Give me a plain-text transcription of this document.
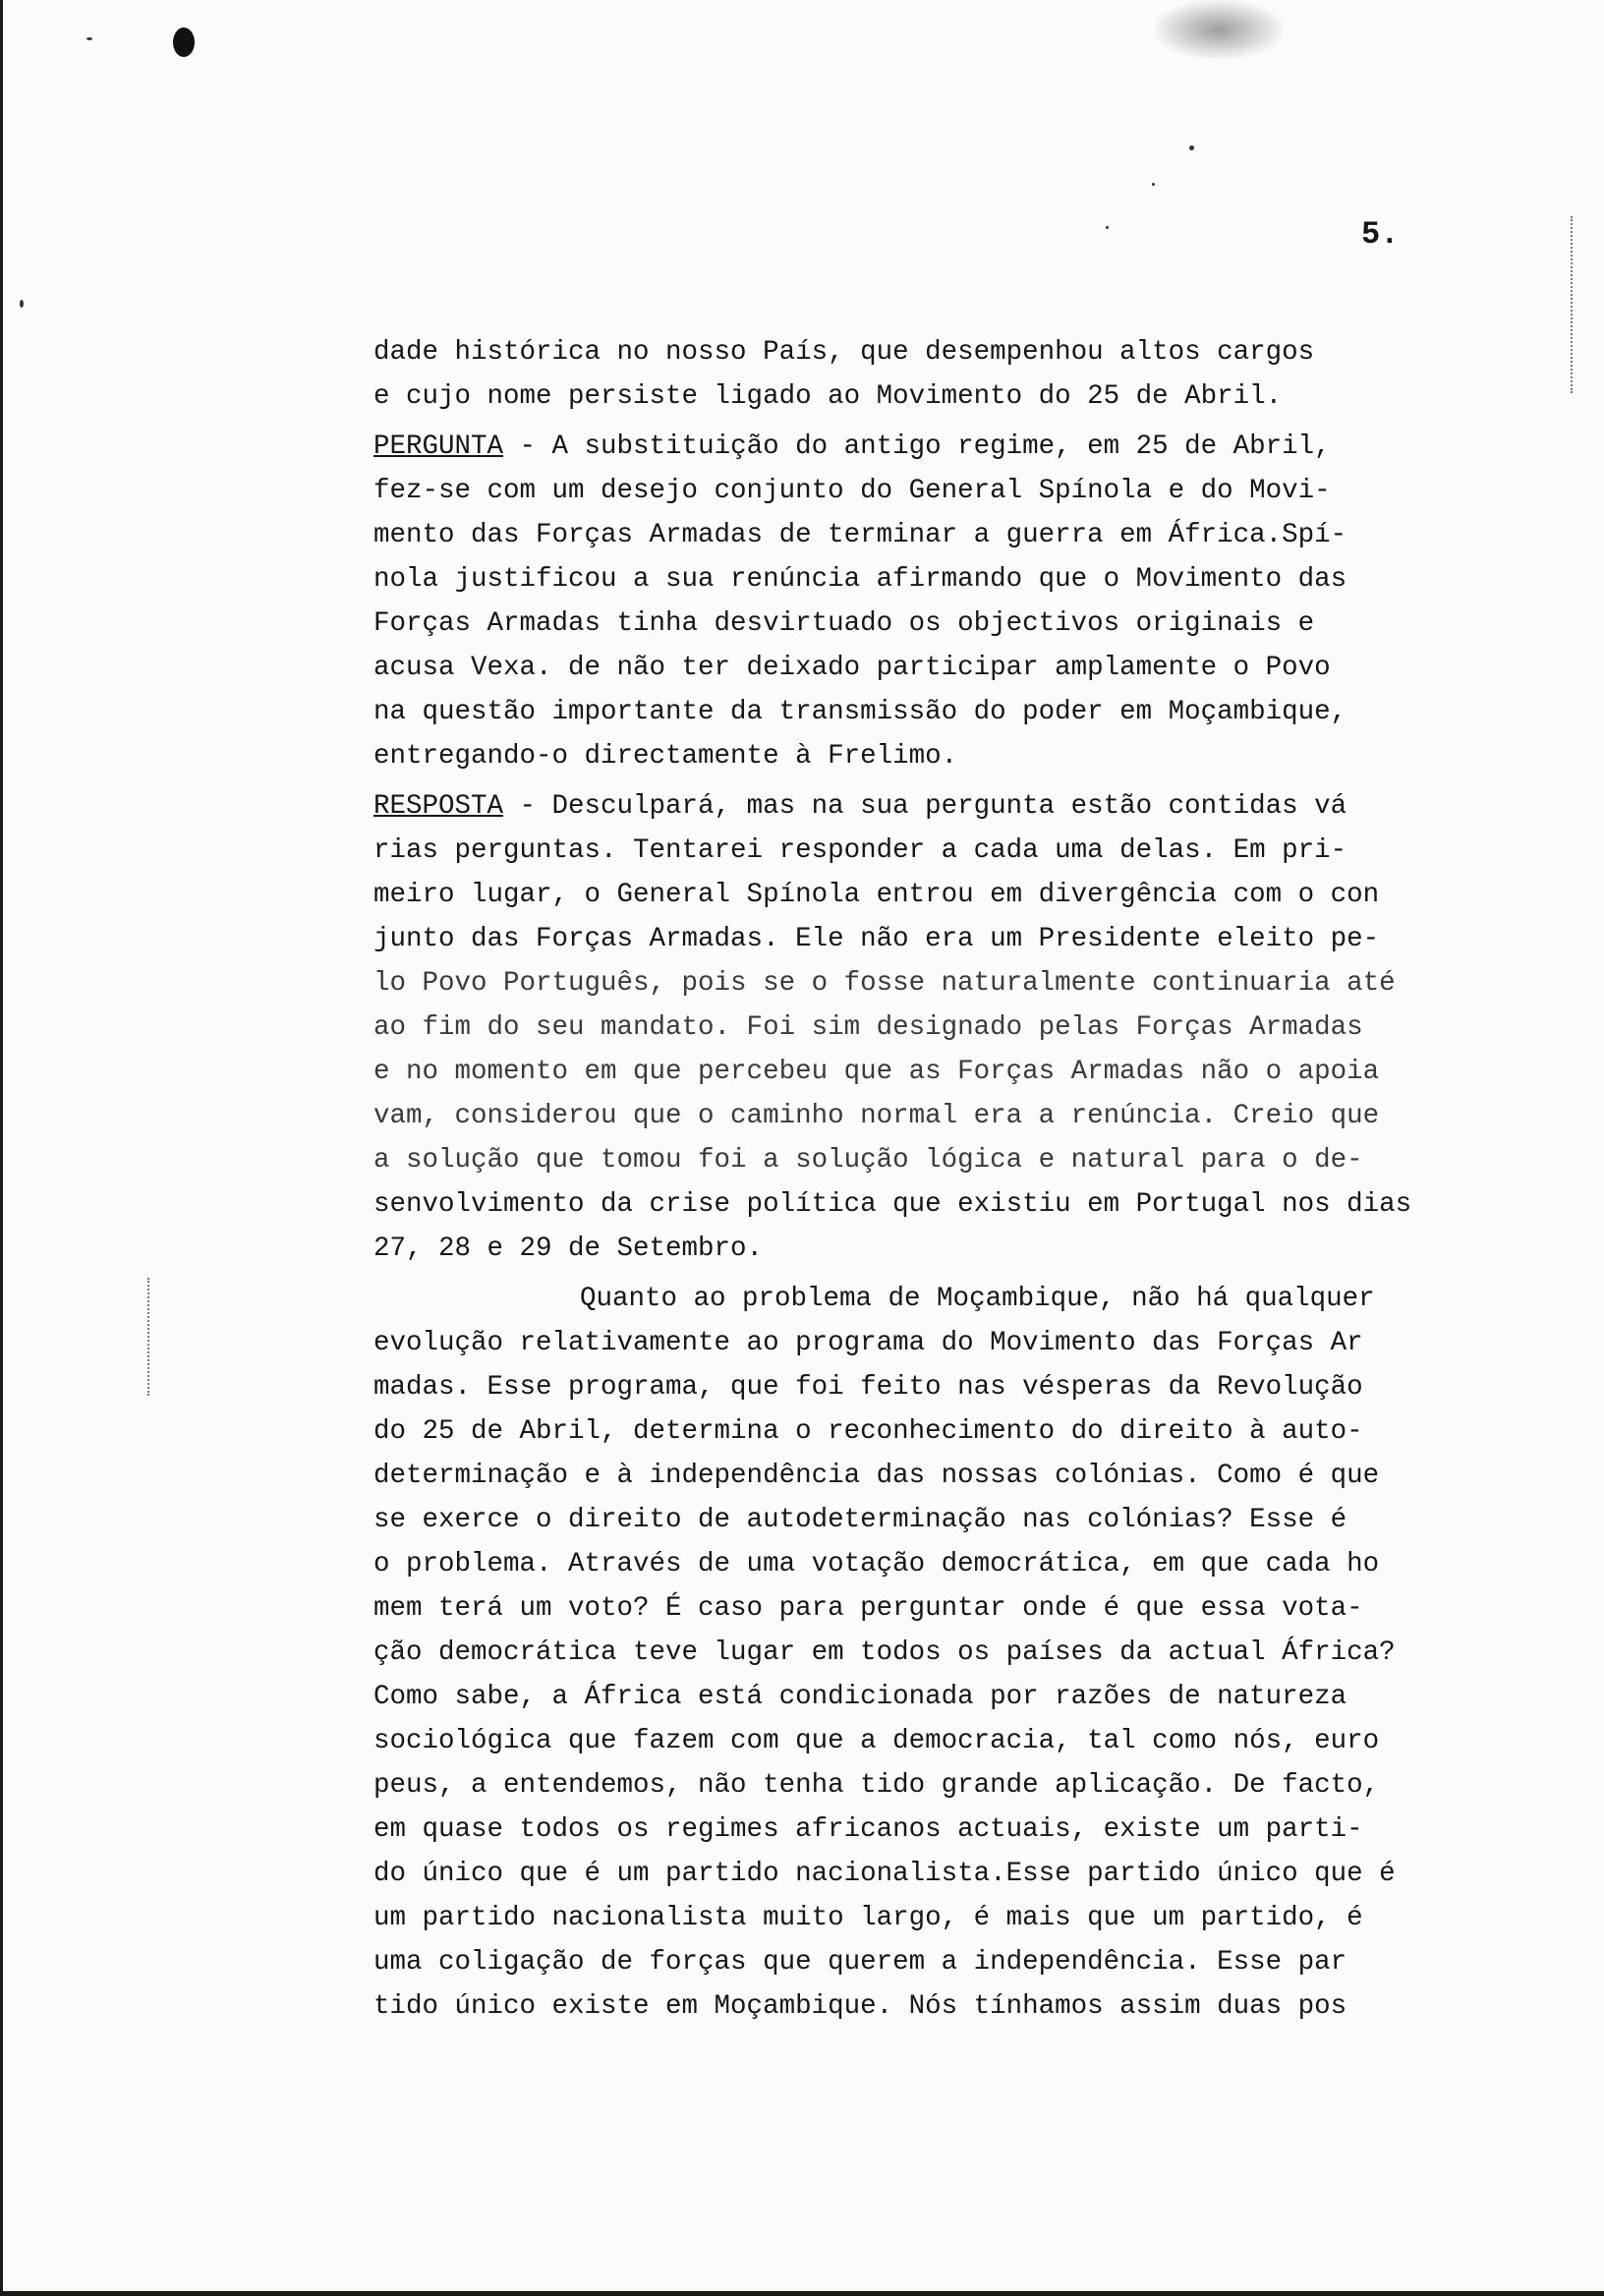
5.

dade histórica no nosso País, que desempenhou altos cargos
e cujo nome persiste ligado ao Movimento do 25 de Abril.

PERGUNTA - A substituição do antigo regime, em 25 de Abril,
fez-se com um desejo conjunto do General Spínola e do Movi-
mento das Forças Armadas de terminar a guerra em África.Spí-
nola justificou a sua renúncia afirmando que o Movimento das
Forças Armadas tinha desvirtuado os objectivos originais e
acusa Vexa. de não ter deixado participar amplamente o Povo
na questão importante da transmissão do poder em Moçambique,
entregando-o directamente à Frelimo.

RESPOSTA - Desculpará, mas na sua pergunta estão contidas vá
rias perguntas. Tentarei responder a cada uma delas. Em pri-
meiro lugar, o General Spínola entrou em divergência com o con
junto das Forças Armadas. Ele não era um Presidente eleito pe-
lo Povo Português, pois se o fosse naturalmente continuaria até
ao fim do seu mandato. Foi sim designado pelas Forças Armadas
e no momento em que percebeu que as Forças Armadas não o apoia
vam, considerou que o caminho normal era a renúncia. Creio que
a solução que tomou foi a solução lógica e natural para o de-
senvolvimento da crise política que existiu em Portugal nos dias
27, 28 e 29 de Setembro.

Quanto ao problema de Moçambique, não há qualquer
evolução relativamente ao programa do Movimento das Forças Ar
madas. Esse programa, que foi feito nas vésperas da Revolução
do 25 de Abril, determina o reconhecimento do direito à auto-
determinação e à independência das nossas colónias. Como é que
se exerce o direito de autodeterminação nas colónias? Esse é
o problema. Através de uma votação democrática, em que cada ho
mem terá um voto? É caso para perguntar onde é que essa vota-
ção democrática teve lugar em todos os países da actual África?
Como sabe, a África está condicionada por razões de natureza
sociológica que fazem com que a democracia, tal como nós, euro
peus, a entendemos, não tenha tido grande aplicação. De facto,
em quase todos os regimes africanos actuais, existe um parti-
do único que é um partido nacionalista.Esse partido único que é
um partido nacionalista muito largo, é mais que um partido, é
uma coligação de forças que querem a independência. Esse par
tido único existe em Moçambique. Nós tínhamos assim duas pos
